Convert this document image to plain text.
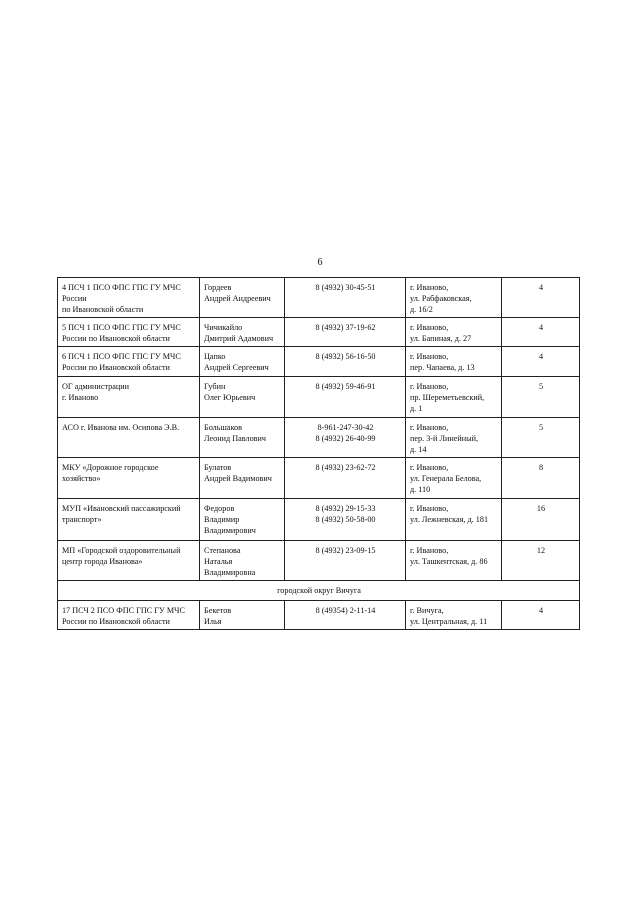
6
4 ПСЧ 1 ПСО ФПС ГПС ГУ МЧС
России
по Ивановской области	Гордеев
Андрей Андреевич	8 (4932) 30-45-51	г. Иваново,
ул. Рабфаковская,
д. 16/2	4

5 ПСЧ 1 ПСО ФПС ГПС ГУ МЧС
России по Ивановской области	Чичикайло
Дмитрий Адамович	8 (4932) 37-19-62	г. Иваново,
ул. Бапиная, д. 27	4

6 ПСЧ 1 ПСО ФПС ГПС ГУ МЧС
России по Ивановской области	Цапко
Андрей Сергеевич	8 (4932) 56-16-50	г. Иваново,
пер. Чапаева, д. 13	4

ОГ администрации
г. Иваново	Губин
Олег Юрьевич	8 (4932) 59-46-91	г. Иваново,
пр. Шереметьевский,
д. 1	5

АСО г. Иванова им. Осипова Э.В.	Большаков
Леонид Павлович	8-961-247-30-42
8 (4932) 26-40-99	г. Иваново,
пер. 3-й Линейный,
д. 14	5

МКУ «Дорожное городское
хозяйство»	Булатов
Андрей Вадимович	8 (4932) 23-62-72	г. Иваново,
ул. Генерала Белова,
д. 110	8

МУП «Ивановский пассажирский
транспорт»	Федоров
Владимир
Владимирович	8 (4932) 29-15-33
8 (4932) 50-58-00	г. Иваново,
ул. Лежневская, д. 181	16

МП «Городской оздоровительный
центр города Иванова»	Степанова
Наталья
Владимировна	8 (4932) 23-09-15	г. Иваново,
ул. Ташкентская, д. 86	12
городской округ Вичуга				

17 ПСЧ 2 ПСО ФПС ГПС ГУ МЧС
России по Ивановской области	Бекетов
Илья	8 (49354) 2-11-14	г. Вичуга,
ул. Центральная, д. 11	4
